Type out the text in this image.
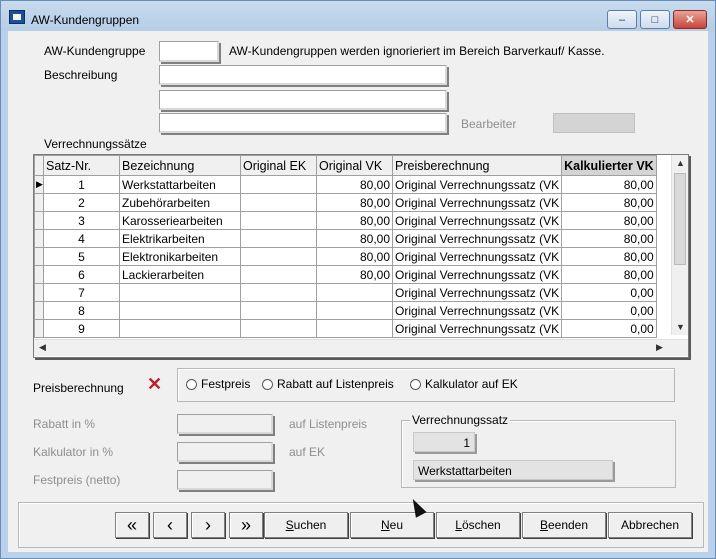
AW-Kundengruppen	– □ ✕
AW-Kundengruppe	AW-Kundengruppen werden ignorieriert im Bereich Barverkauf/ Kasse.
Beschreibung
Bearbeiter
Verrechnungssätze
	Satz-Nr.	Bezeichnung	Original EK	Original VK	Preisberechnung	Kalkulierter VK

▶	1	Werkstattarbeiten		80,00	Original Verrechnungssatz (VK	80,00
	2	Zubehörarbeiten		80,00	Original Verrechnungssatz (VK	80,00
	3	Karosseriearbeiten		80,00	Original Verrechnungssatz (VK	80,00
	4	Elektrikarbeiten		80,00	Original Verrechnungssatz (VK	80,00
	5	Elektronikarbeiten		80,00	Original Verrechnungssatz (VK	80,00
	6	Lackierarbeiten		80,00	Original Verrechnungssatz (VK	80,00
	7				Original Verrechnungssatz (VK	0,00
	8				Original Verrechnungssatz (VK	0,00
	9				Original Verrechnungssatz (VK	0,00
▲
▼
◀	▶
Preisberechnung ✕	Festpreis Rabatt auf Listenpreis	Kalkulator auf EK
Rabatt in %	auf Listenpreis
Kalkulator in %	auf EK
Festpreis (netto)
Verrechnungssatz
1
Werkstattarbeiten
« ‹ › »	S uchen	N eu	L öschen	B eenden	Abbrechen
